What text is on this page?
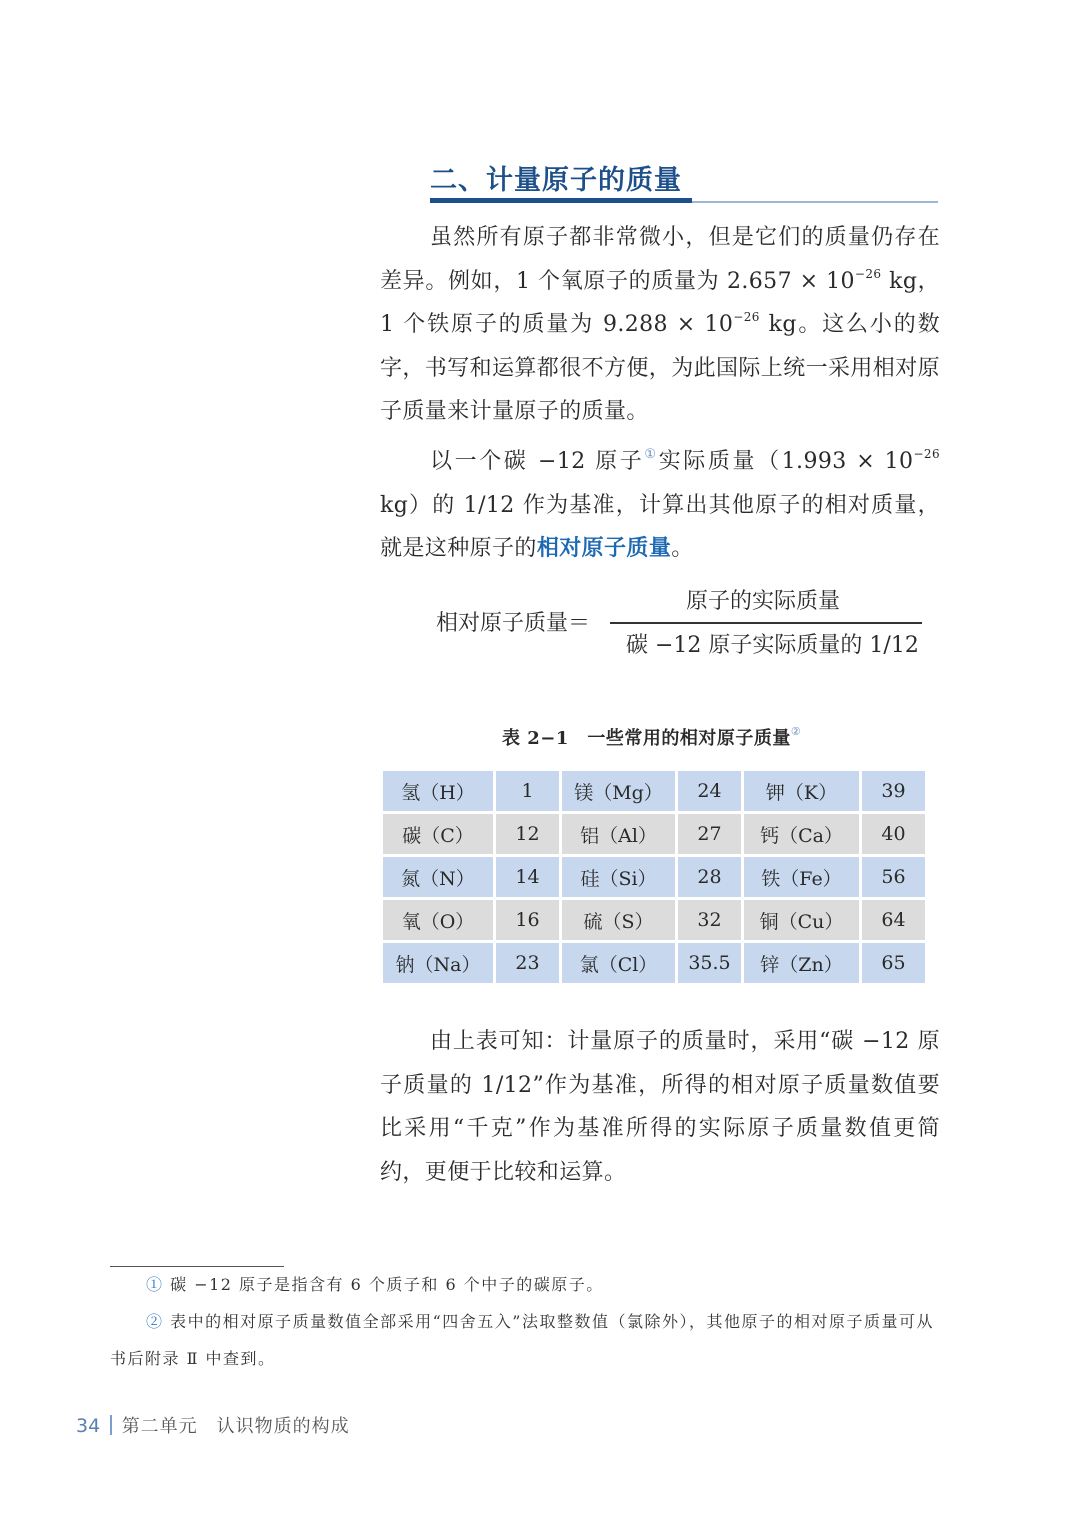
二、计量原子的质量
虽然所有原子都非常微小，但是它们的质量仍存在差异。例如，1 个氧原子的质量为 $2.657 \times 10^{-26}$ kg，1 个铁原子的质量为 $9.288 \times 10^{-26}$ kg。这么小的数字，书写和运算都很不方便，为此国际上统一采用相对原子质量来计量原子的质量。
以一个碳 −12 原子①实际质量（$1.993 \times 10^{-26}$ kg）的 1/12 作为基准，计算出其他原子的相对质量，就是这种原子的相对原子质量。
相对原子质量＝
原子的实际质量
碳 −12 原子实际质量的 1/12
表 2−1　一些常用的相对原子质量②
氢（H）	1	镁（Mg）	24	钾（K）	39
碳（C）	12	铝（Al）	27	钙（Ca）	40
氮（N）	14	硅（Si）	28	铁（Fe）	56
氧（O）	16	硫（S）	32	铜（Cu）	64
钠（Na）	23	氯（Cl）	35.5	锌（Zn）	65
由上表可知：计量原子的质量时，采用“碳 −12 原子质量的 1/12”作为基准，所得的相对原子质量数值要比采用“千克”作为基准所得的实际原子质量数值更简约，更便于比较和运算。
① 碳 −12 原子是指含有 6 个质子和 6 个中子的碳原子。
② 表中的相对原子质量数值全部采用“四舍五入”法取整数值（氯除外），其他原子的相对原子质量可从书后附录 Ⅱ 中查到。
34 第二单元　认识物质的构成
